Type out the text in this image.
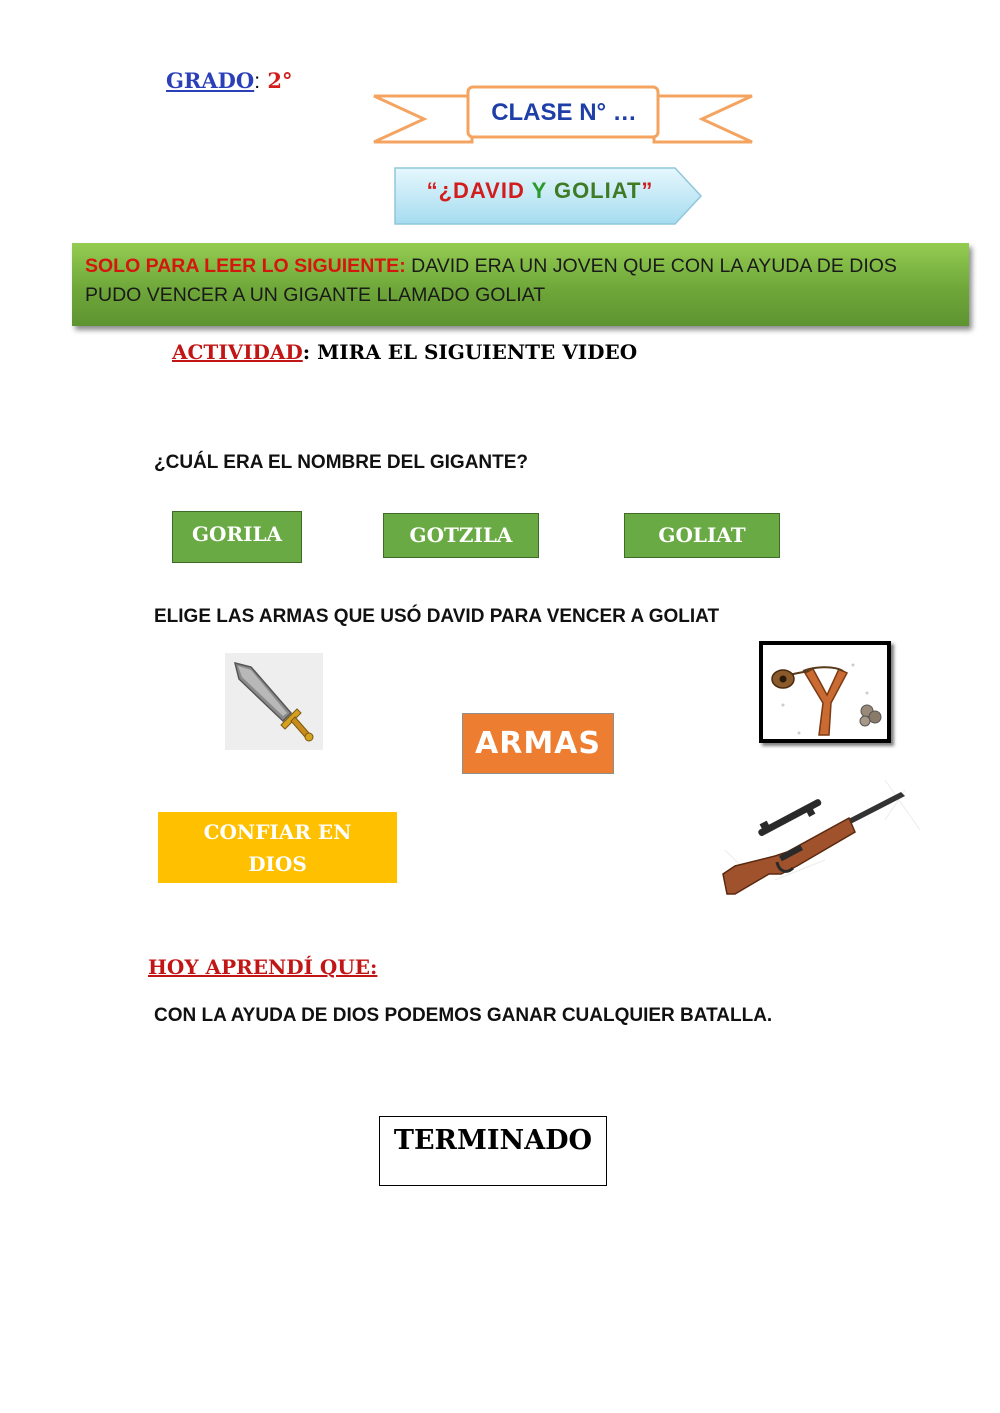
GRADO: 2°
CLASE N° …
“¿DAVID Y GOLIAT”
SOLO PARA LEER LO SIGUIENTE: DAVID ERA UN JOVEN QUE CON LA AYUDA DE DIOS PUDO VENCER A UN GIGANTE LLAMADO GOLIAT
ACTIVIDAD: MIRA EL SIGUIENTE VIDEO
¿CUÁL ERA EL NOMBRE DEL GIGANTE?
GORILA	GOTZILA	GOLIAT
ELIGE LAS ARMAS QUE USÓ DAVID PARA VENCER A GOLIAT
ARMAS
CONFIAR EN
DIOS
HOY APRENDÍ QUE:
CON LA AYUDA DE DIOS PODEMOS GANAR CUALQUIER BATALLA.
TERMINADO
